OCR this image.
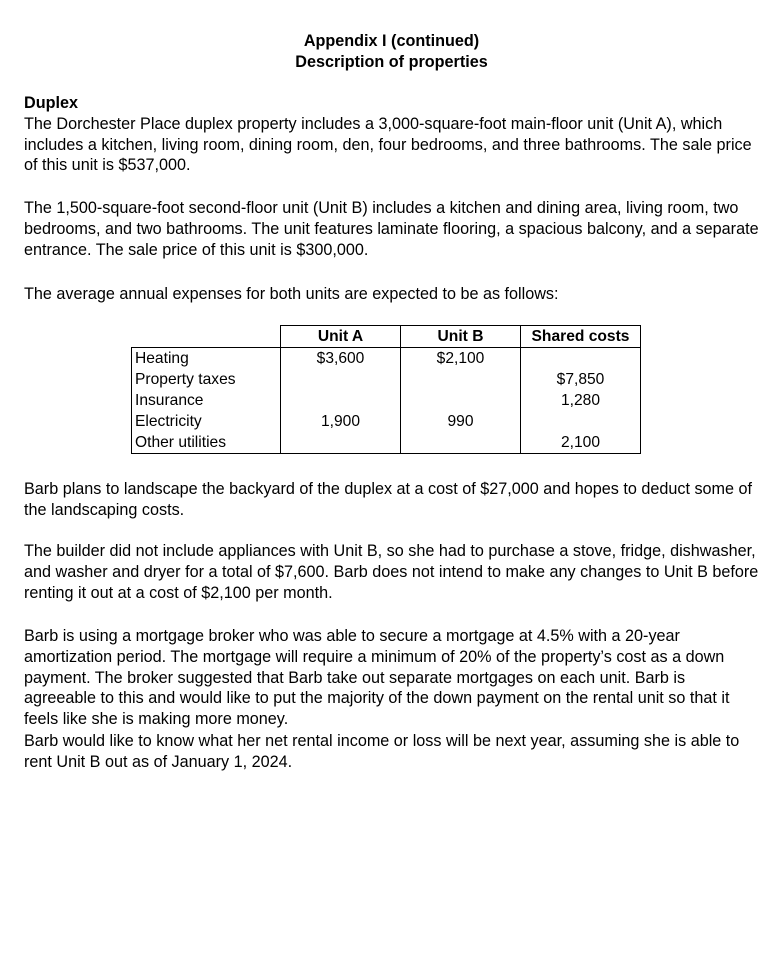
Appendix I (continued)
Description of properties
Duplex
The Dorchester Place duplex property includes a 3,000-square-foot main-floor unit (Unit A), which includes a kitchen, living room, dining room, den, four bedrooms, and three bathrooms. The sale price of this unit is $537,000.

The 1,500-square-foot second-floor unit (Unit B) includes a kitchen and dining area, living room, two bedrooms, and two bathrooms. The unit features laminate flooring, a spacious balcony, and a separate entrance. The sale price of this unit is $300,000.

The average annual expenses for both units are expected to be as follows:

	Unit A	Unit B	Shared costs
Heating	$3,600	$2,100	
Property taxes			$7,850
Insurance			1,280
Electricity	1,900	990	
Other utilities			2,100

Barb plans to landscape the backyard of the duplex at a cost of $27,000 and hopes to deduct some of the landscaping costs.

The builder did not include appliances with Unit B, so she had to purchase a stove, fridge, dishwasher, and washer and dryer for a total of $7,600. Barb does not intend to make any changes to Unit B before renting it out at a cost of $2,100 per month.

Barb is using a mortgage broker who was able to secure a mortgage at 4.5% with a 20-year amortization period. The mortgage will require a minimum of 20% of the property’s cost as a down payment. The broker suggested that Barb take out separate mortgages on each unit. Barb is agreeable to this and would like to put the majority of the down payment on the rental unit so that it feels like she is making more money.

Barb would like to know what her net rental income or loss will be next year, assuming she is able to rent Unit B out as of January 1, 2024.
